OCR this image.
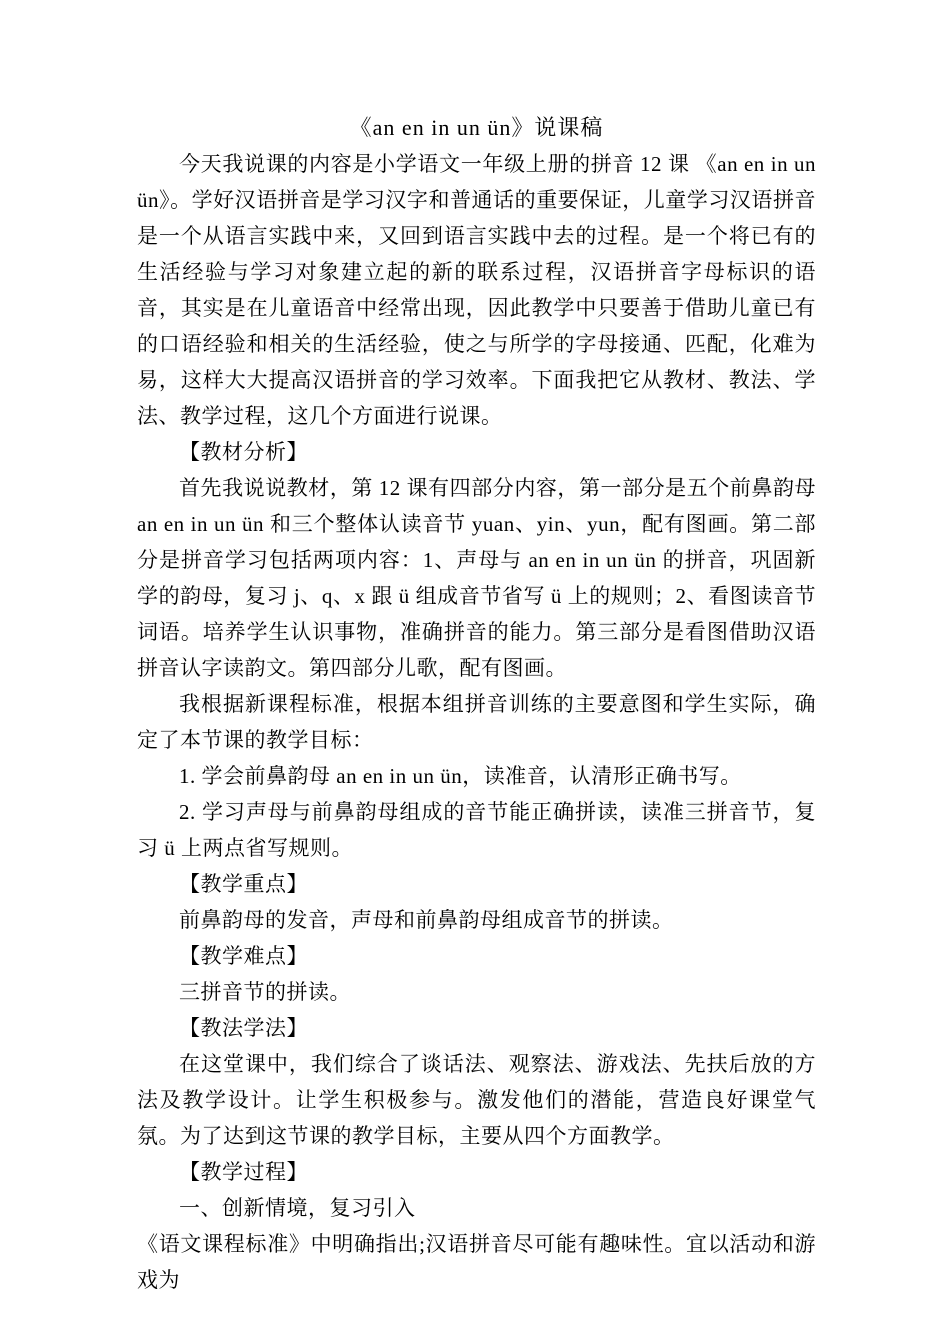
《an en in un ün》说课稿

今天我说课的内容是小学语文一年级上册的拼音 12 课 《an en in un ün》。学好汉语拼音是学习汉字和普通话的重要保证，儿童学习汉语拼音是一个从语言实践中来，又回到语言实践中去的过程。是一个将已有的生活经验与学习对象建立起的新的联系过程，汉语拼音字母标识的语音，其实是在儿童语音中经常出现，因此教学中只要善于借助儿童已有的口语经验和相关的生活经验，使之与所学的字母接通、匹配，化难为易，这样大大提高汉语拼音的学习效率。下面我把它从教材、教法、学法、教学过程，这几个方面进行说课。

【教材分析】

首先我说说教材，第 12 课有四部分内容，第一部分是五个前鼻韵母 an en in un ün 和三个整体认读音节 yuan、yin、yun，配有图画。第二部分是拼音学习包括两项内容：1、声母与 an en in un ün 的拼音，巩固新学的韵母，复习 j、q、x 跟 ü 组成音节省写 ü 上的规则；2、看图读音节词语。培养学生认识事物，准确拼音的能力。第三部分是看图借助汉语拼音认字读韵文。第四部分儿歌，配有图画。

我根据新课程标准，根据本组拼音训练的主要意图和学生实际，确定了本节课的教学目标：

1. 学会前鼻韵母 an en in un ün，读准音，认清形正确书写。

2. 学习声母与前鼻韵母组成的音节能正确拼读，读准三拼音节，复习 ü 上两点省写规则。

【教学重点】

前鼻韵母的发音，声母和前鼻韵母组成音节的拼读。

【教学难点】

三拼音节的拼读。

【教法学法】

在这堂课中，我们综合了谈话法、观察法、游戏法、先扶后放的方法及教学设计。让学生积极参与。激发他们的潜能，营造良好课堂气氛。为了达到这节课的教学目标，主要从四个方面教学。

【教学过程】

一、创新情境，复习引入

《语文课程标准》中明确指出;汉语拼音尽可能有趣味性。宜以活动和游戏为
